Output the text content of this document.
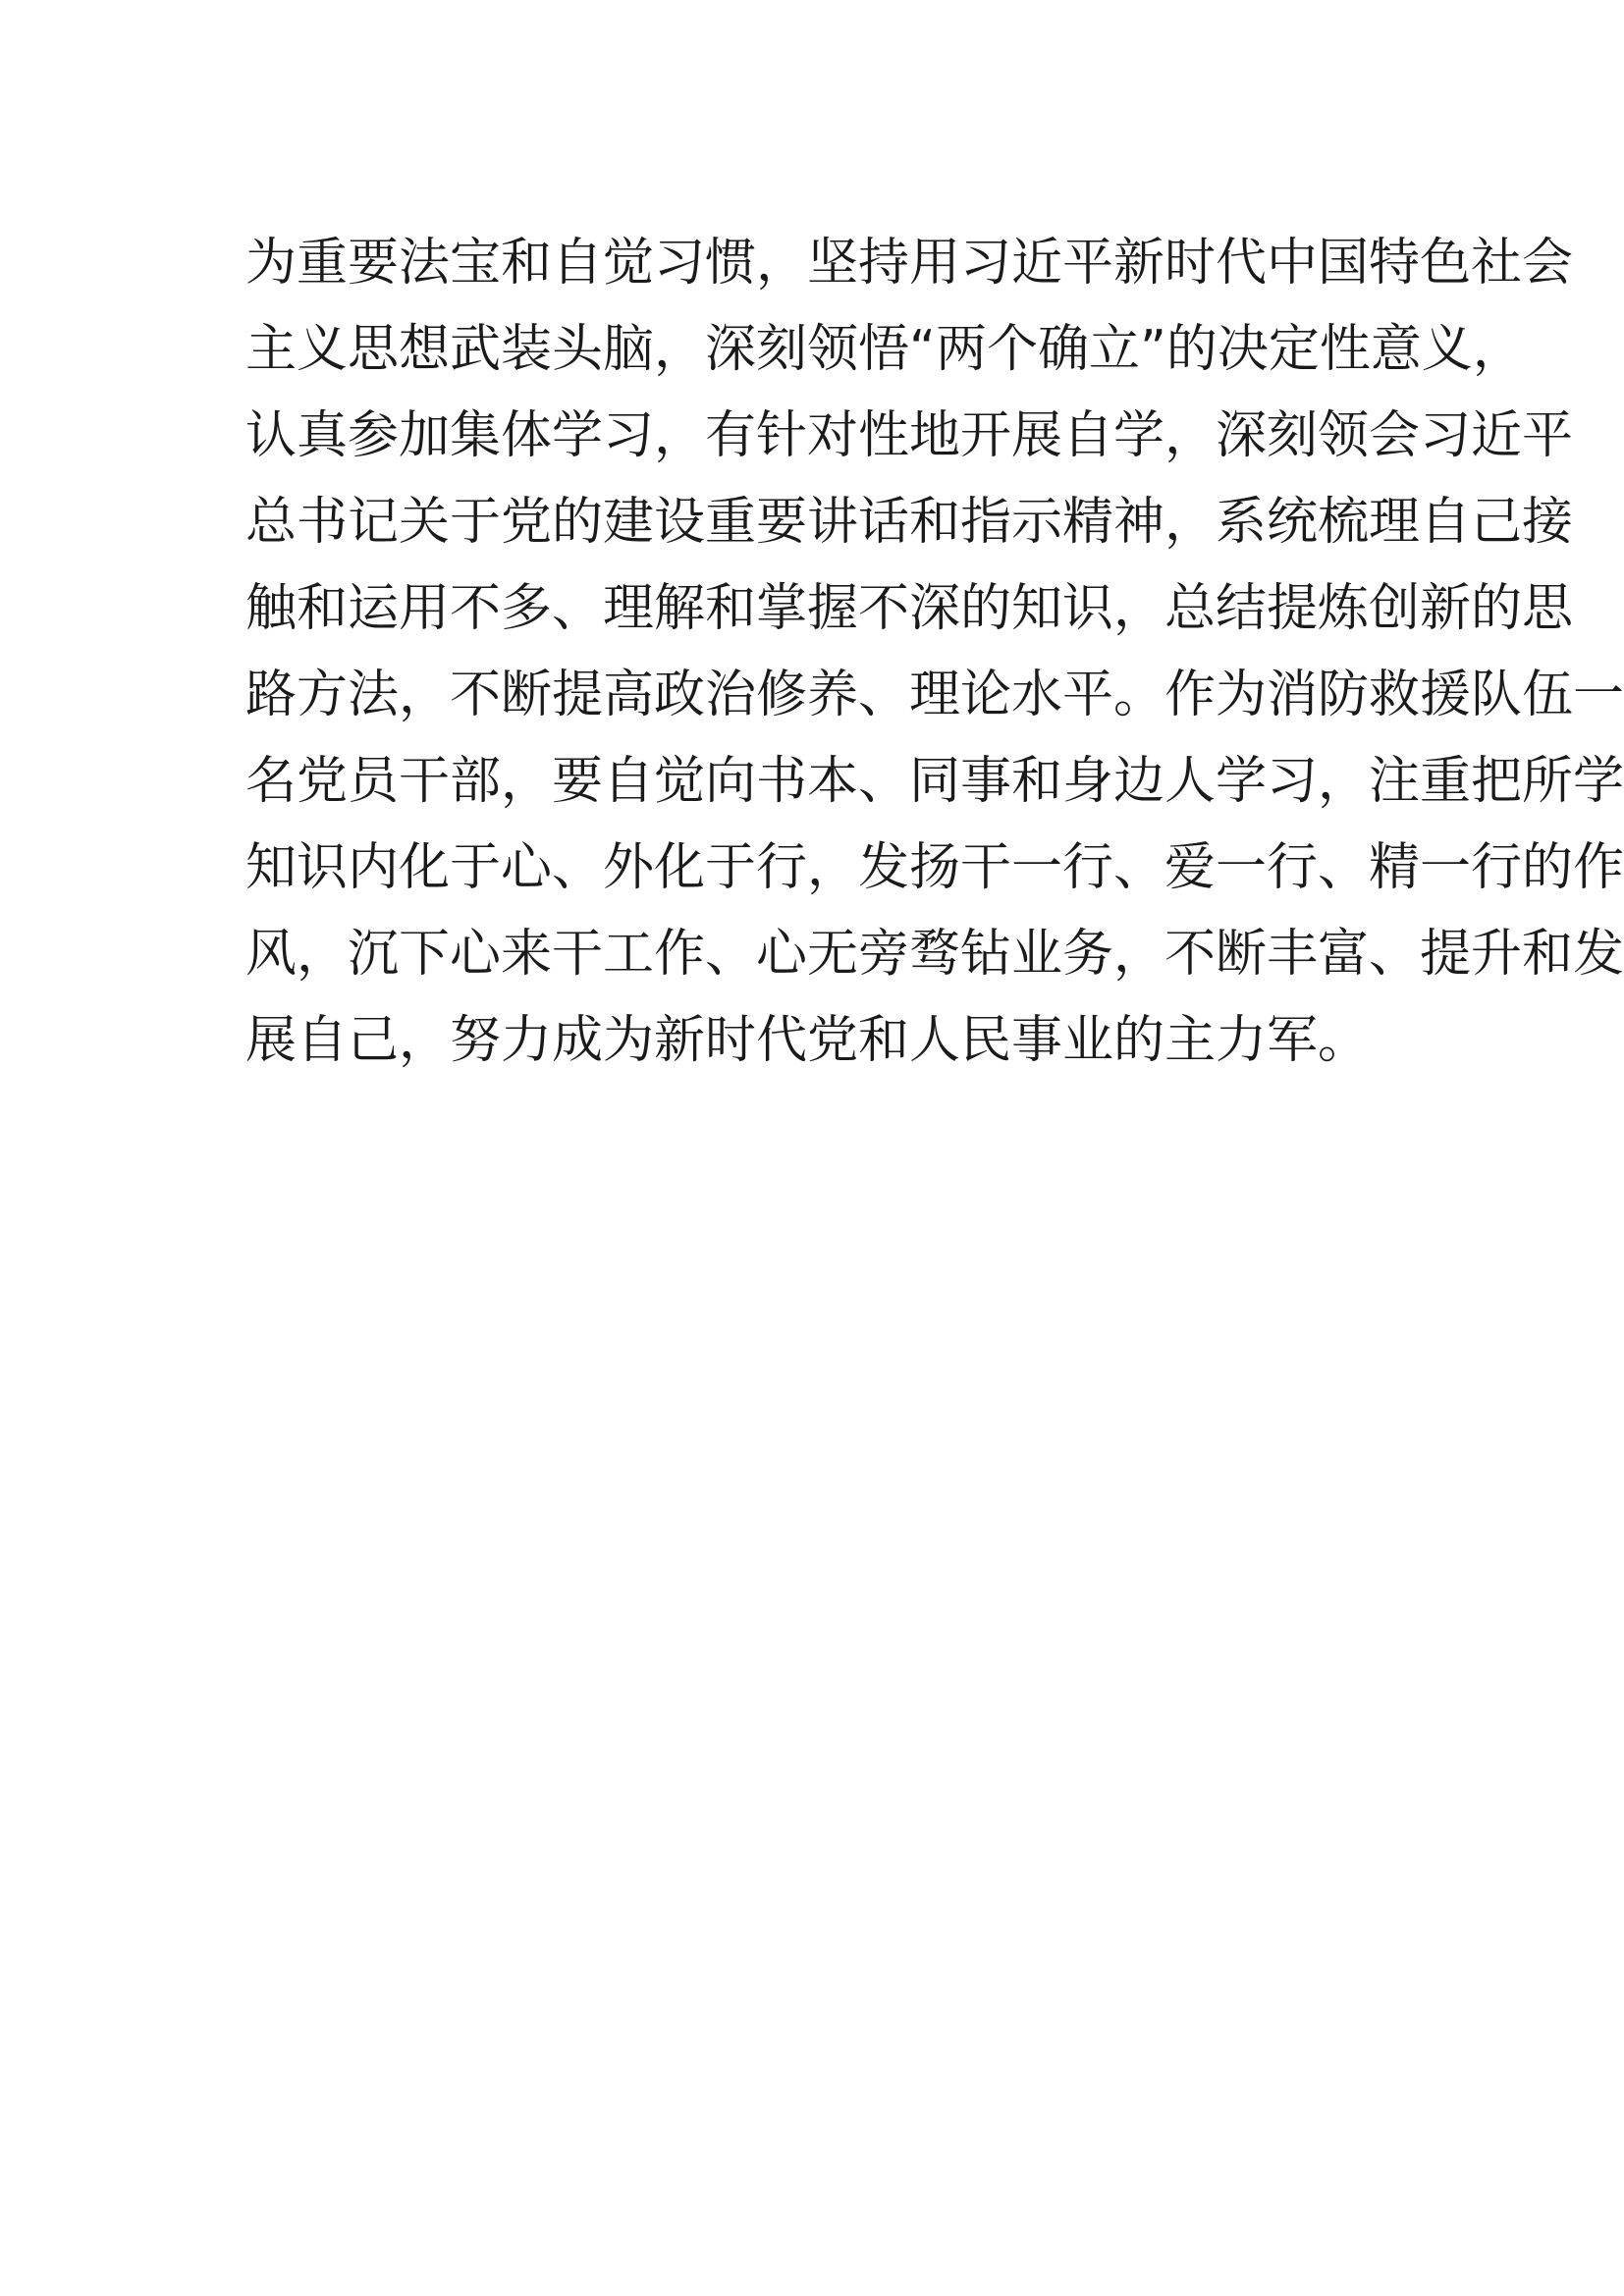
为重要法宝和自觉习惯，坚持用习近平新时代中国特色社会
主义思想武装头脑，深刻领悟“两个确立”的决定性意义，
认真参加集体学习，有针对性地开展自学，深刻领会习近平
总书记关于党的建设重要讲话和指示精神，系统梳理自己接
触和运用不多、理解和掌握不深的知识，总结提炼创新的思
路方法，不断提高政治修养、理论水平。作为消防救援队伍一
名党员干部，要自觉向书本、同事和身边人学习，注重把所学
知识内化于心、外化于行，发扬干一行、爱一行、精一行的作
风，沉下心来干工作、心无旁骛钻业务，不断丰富、提升和发
展自己，努力成为新时代党和人民事业的主力军。
